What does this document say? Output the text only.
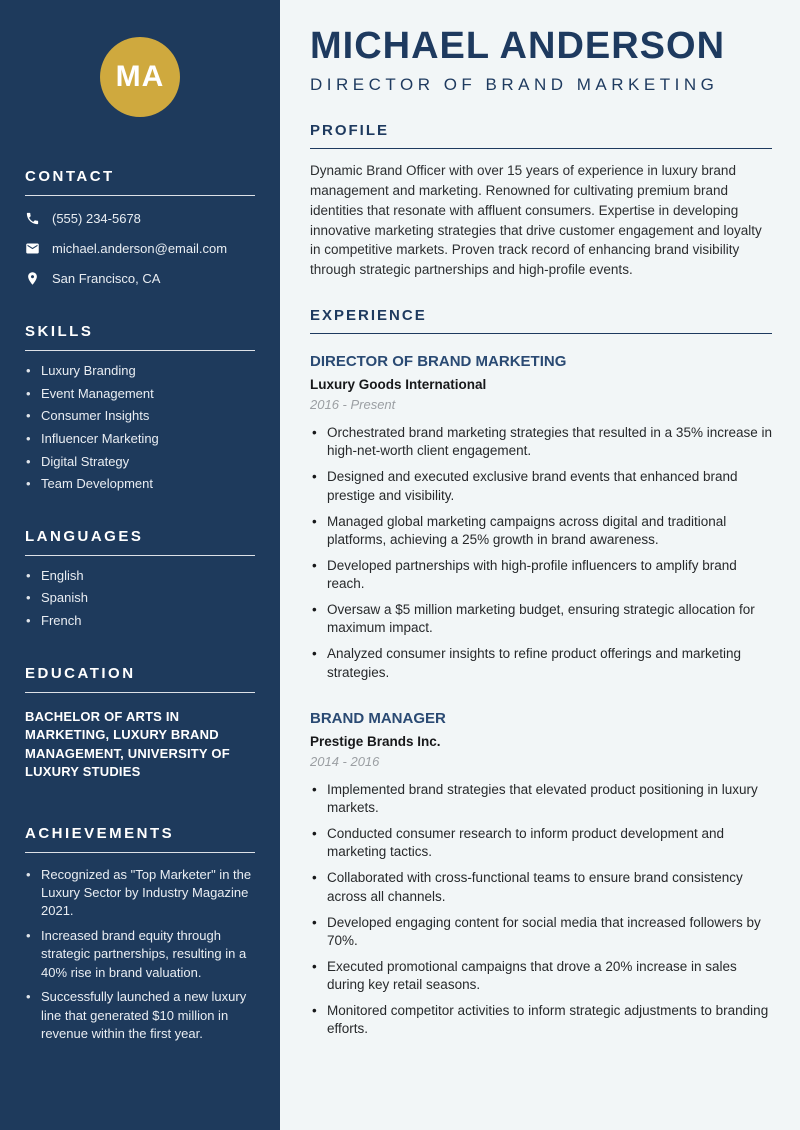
MA
CONTACT
(555) 234-5678
michael.anderson@email.com
San Francisco, CA
SKILLS
• Luxury Branding
• Event Management
• Consumer Insights
• Influencer Marketing
• Digital Strategy
• Team Development
LANGUAGES
• English
• Spanish
• French
EDUCATION
BACHELOR OF ARTS IN MARKETING, LUXURY BRAND MANAGEMENT, UNIVERSITY OF LUXURY STUDIES
ACHIEVEMENTS
• Recognized as "Top Marketer" in the Luxury Sector by Industry Magazine 2021.
• Increased brand equity through strategic partnerships, resulting in a 40% rise in brand valuation.
• Successfully launched a new luxury line that generated $10 million in revenue within the first year.
MICHAEL ANDERSON
DIRECTOR OF BRAND MARKETING
PROFILE

Dynamic Brand Officer with over 15 years of experience in luxury brand management and marketing. Renowned for cultivating premium brand identities that resonate with affluent consumers. Expertise in developing innovative marketing strategies that drive customer engagement and loyalty in competitive markets. Proven track record of enhancing brand visibility through strategic partnerships and high-profile events.

EXPERIENCE
DIRECTOR OF BRAND MARKETING
Luxury Goods International
2016 - Present
• Orchestrated brand marketing strategies that resulted in a 35% increase in high-net-worth client engagement.
• Designed and executed exclusive brand events that enhanced brand prestige and visibility.
• Managed global marketing campaigns across digital and traditional platforms, achieving a 25% growth in brand awareness.
• Developed partnerships with high-profile influencers to amplify brand reach.
• Oversaw a $5 million marketing budget, ensuring strategic allocation for maximum impact.
• Analyzed consumer insights to refine product offerings and marketing strategies.
BRAND MANAGER
Prestige Brands Inc.
2014 - 2016
• Implemented brand strategies that elevated product positioning in luxury markets.
• Conducted consumer research to inform product development and marketing tactics.
• Collaborated with cross-functional teams to ensure brand consistency across all channels.
• Developed engaging content for social media that increased followers by 70%.
• Executed promotional campaigns that drove a 20% increase in sales during key retail seasons.
• Monitored competitor activities to inform strategic adjustments to branding efforts.
